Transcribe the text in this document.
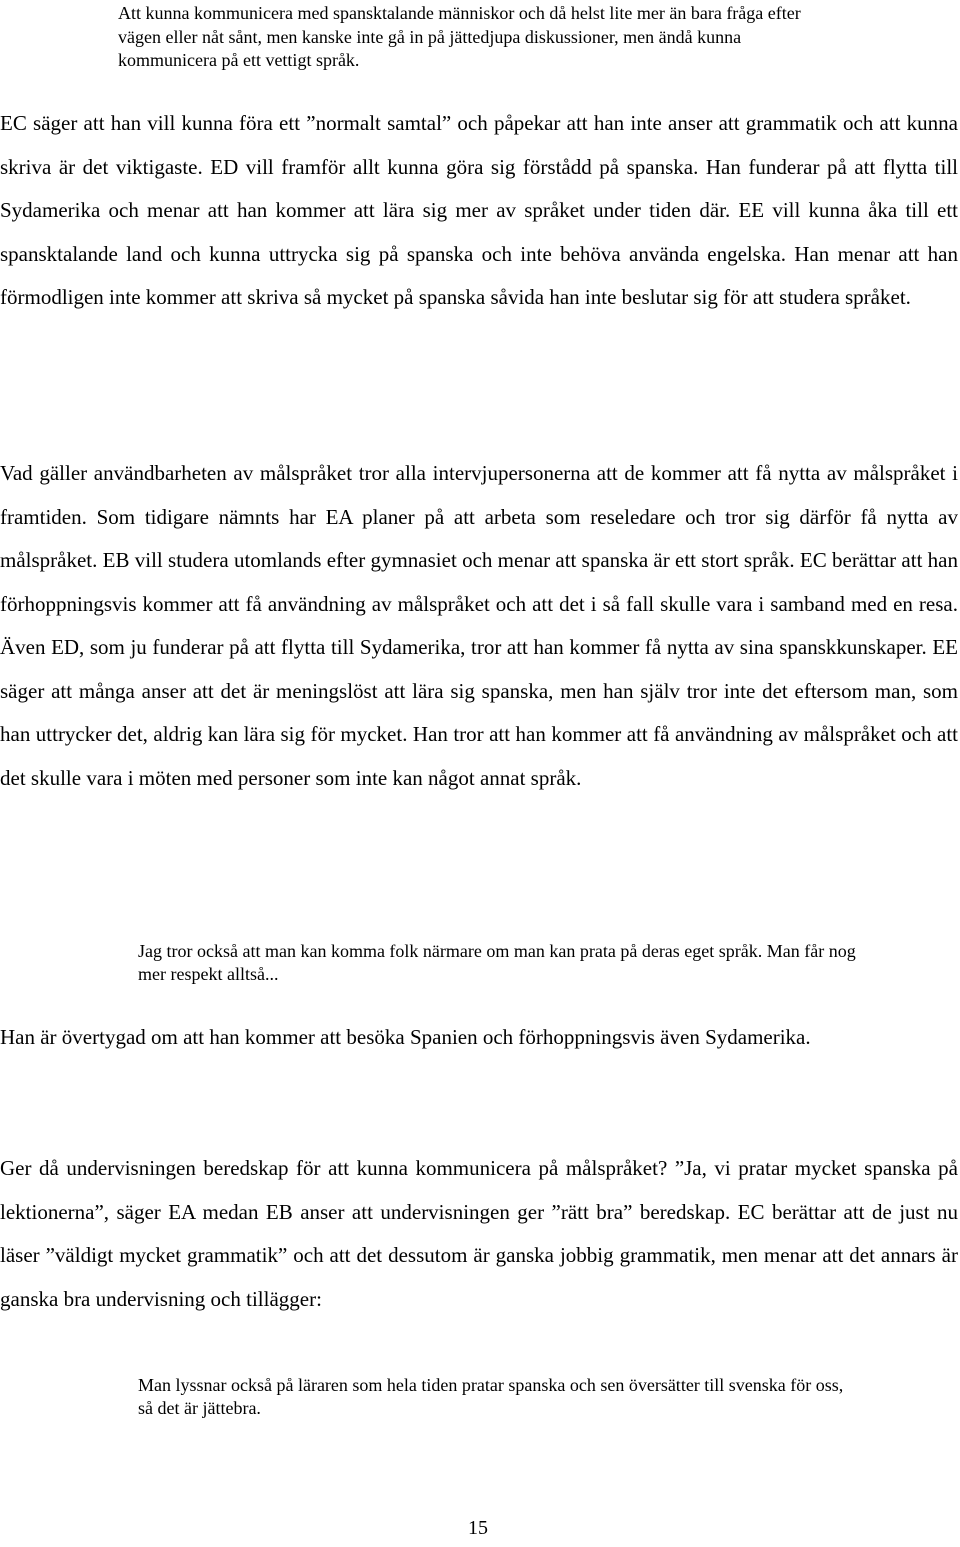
Att kunna kommunicera med spansktalande människor och då helst lite mer än bara fråga efter vägen eller nåt sånt, men kanske inte gå in på jättedjupa diskussioner, men ändå kunna kommunicera på ett vettigt språk.

EC säger att han vill kunna föra ett ”normalt samtal” och påpekar att han inte anser att grammatik och att kunna skriva är det viktigaste. ED vill framför allt kunna göra sig förstådd på spanska. Han funderar på att flytta till Sydamerika och menar att han kommer att lära sig mer av språket under tiden där. EE vill kunna åka till ett spansktalande land och kunna uttrycka sig på spanska och inte behöva använda engelska. Han menar att han förmodligen inte kommer att skriva så mycket på spanska såvida han inte beslutar sig för att studera språket.

Vad gäller användbarheten av målspråket tror alla intervjupersonerna att de kommer att få nytta av målspråket i framtiden. Som tidigare nämnts har EA planer på att arbeta som reseledare och tror sig därför få nytta av målspråket. EB vill studera utomlands efter gymnasiet och menar att spanska är ett stort språk. EC berättar att han förhoppningsvis kommer att få användning av målspråket och att det i så fall skulle vara i samband med en resa. Även ED, som ju funderar på att flytta till Sydamerika, tror att han kommer få nytta av sina spanskkunskaper. EE säger att många anser att det är meningslöst att lära sig spanska, men han själv tror inte det eftersom man, som han uttrycker det, aldrig kan lära sig för mycket. Han tror att han kommer att få användning av målspråket och att det skulle vara i möten med personer som inte kan något annat språk.

Jag tror också att man kan komma folk närmare om man kan prata på deras eget språk. Man får nog mer respekt alltså...

Han är övertygad om att han kommer att besöka Spanien och förhoppningsvis även Sydamerika.

Ger då undervisningen beredskap för att kunna kommunicera på målspråket? ”Ja, vi pratar mycket spanska på lektionerna”, säger EA medan EB anser att undervisningen ger ”rätt bra” beredskap. EC berättar att de just nu läser ”väldigt mycket grammatik” och att det dessutom är ganska jobbig grammatik, men menar att det annars är ganska bra undervisning och tillägger:

Man lyssnar också på läraren som hela tiden pratar spanska och sen översätter till svenska för oss, så det är jättebra.

15
